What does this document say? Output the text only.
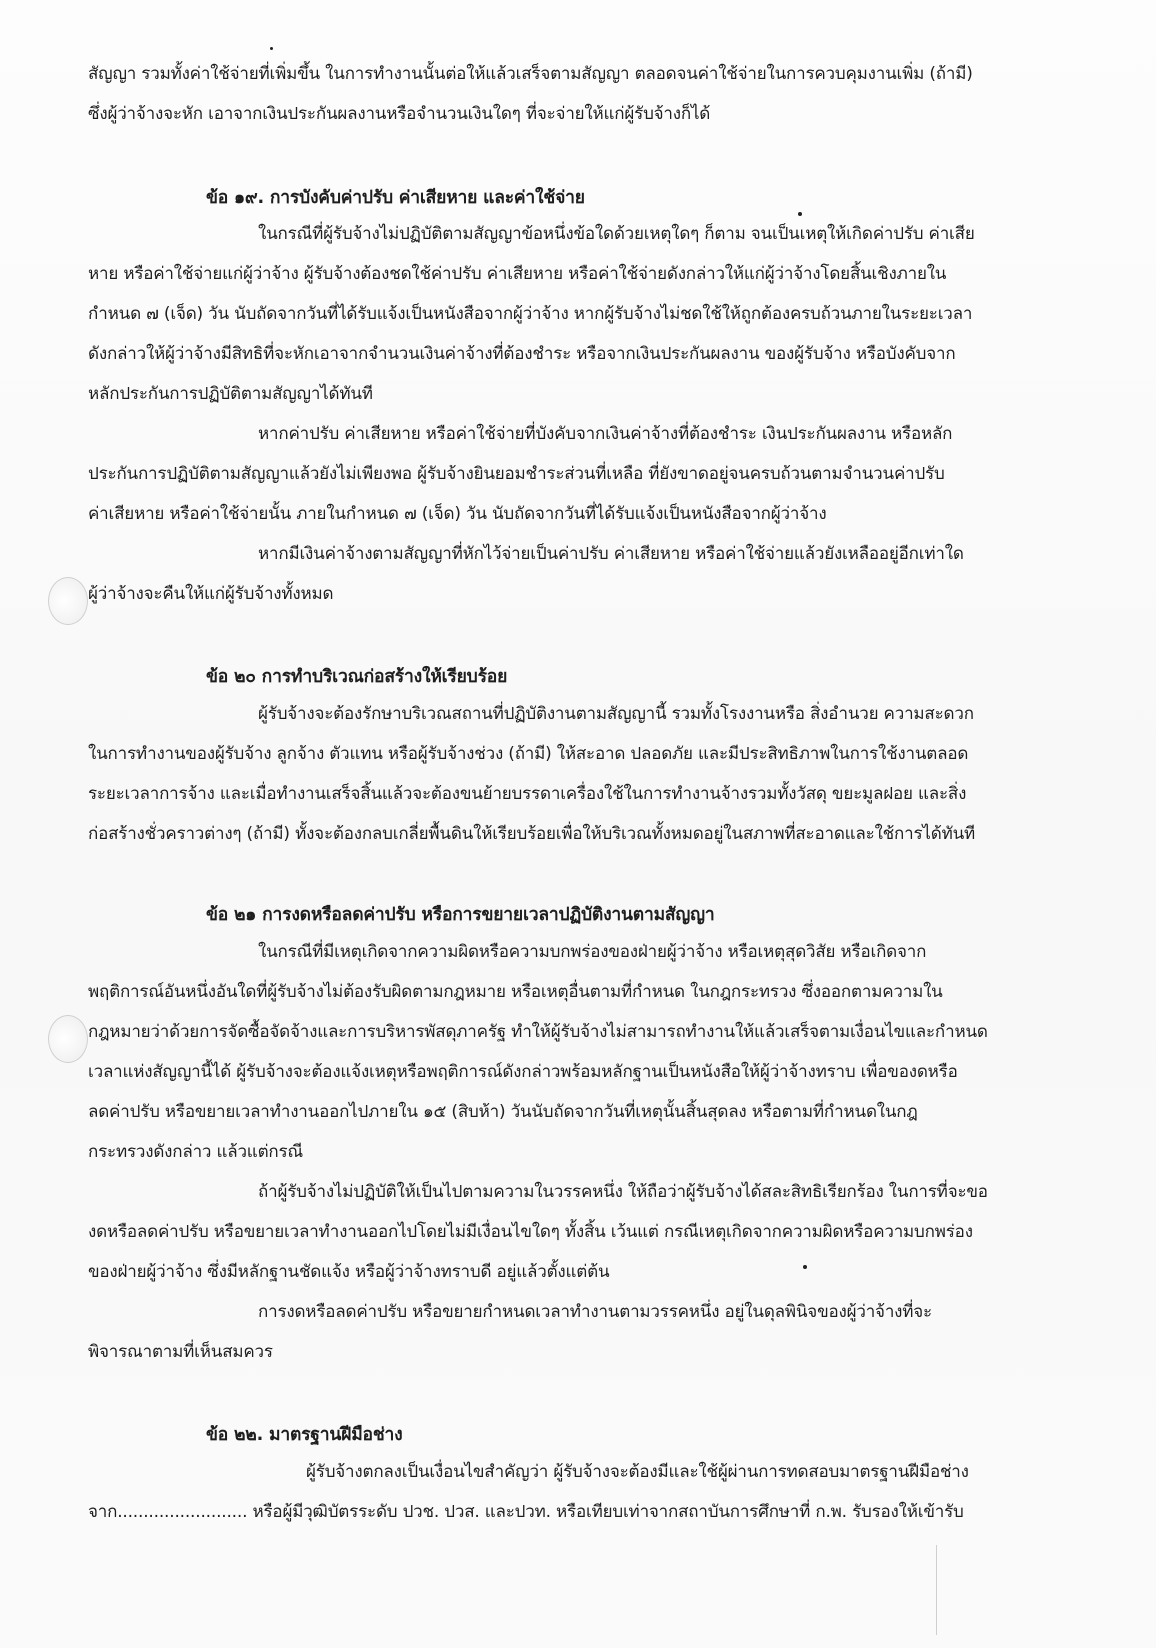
สัญญา รวมทั้งค่าใช้จ่ายที่เพิ่มขึ้น ในการทำงานนั้นต่อให้แล้วเสร็จตามสัญญา ตลอดจนค่าใช้จ่ายในการควบคุมงานเพิ่ม (ถ้ามี)
ซึ่งผู้ว่าจ้างจะหัก เอาจากเงินประกันผลงานหรือจำนวนเงินใดๆ ที่จะจ่ายให้แก่ผู้รับจ้างก็ได้
ข้อ ๑๙. การบังคับค่าปรับ ค่าเสียหาย และค่าใช้จ่าย
ในกรณีที่ผู้รับจ้างไม่ปฏิบัติตามสัญญาข้อหนึ่งข้อใดด้วยเหตุใดๆ ก็ตาม จนเป็นเหตุให้เกิดค่าปรับ ค่าเสีย
หาย หรือค่าใช้จ่ายแก่ผู้ว่าจ้าง ผู้รับจ้างต้องชดใช้ค่าปรับ ค่าเสียหาย หรือค่าใช้จ่ายดังกล่าวให้แก่ผู้ว่าจ้างโดยสิ้นเชิงภายใน
กำหนด ๗ (เจ็ด) วัน นับถัดจากวันที่ได้รับแจ้งเป็นหนังสือจากผู้ว่าจ้าง หากผู้รับจ้างไม่ชดใช้ให้ถูกต้องครบถ้วนภายในระยะเวลา
ดังกล่าวให้ผู้ว่าจ้างมีสิทธิที่จะหักเอาจากจำนวนเงินค่าจ้างที่ต้องชำระ หรือจากเงินประกันผลงาน ของผู้รับจ้าง หรือบังคับจาก
หลักประกันการปฏิบัติตามสัญญาได้ทันที
หากค่าปรับ ค่าเสียหาย หรือค่าใช้จ่ายที่บังคับจากเงินค่าจ้างที่ต้องชำระ เงินประกันผลงาน หรือหลัก
ประกันการปฏิบัติตามสัญญาแล้วยังไม่เพียงพอ ผู้รับจ้างยินยอมชำระส่วนที่เหลือ ที่ยังขาดอยู่จนครบถ้วนตามจำนวนค่าปรับ
ค่าเสียหาย หรือค่าใช้จ่ายนั้น ภายในกำหนด ๗ (เจ็ด) วัน นับถัดจากวันที่ได้รับแจ้งเป็นหนังสือจากผู้ว่าจ้าง
หากมีเงินค่าจ้างตามสัญญาที่หักไว้จ่ายเป็นค่าปรับ ค่าเสียหาย หรือค่าใช้จ่ายแล้วยังเหลืออยู่อีกเท่าใด
ผู้ว่าจ้างจะคืนให้แก่ผู้รับจ้างทั้งหมด
ข้อ ๒๐ การทำบริเวณก่อสร้างให้เรียบร้อย
ผู้รับจ้างจะต้องรักษาบริเวณสถานที่ปฏิบัติงานตามสัญญานี้ รวมทั้งโรงงานหรือ สิ่งอำนวย ความสะดวก
ในการทำงานของผู้รับจ้าง ลูกจ้าง ตัวแทน หรือผู้รับจ้างช่วง (ถ้ามี) ให้สะอาด ปลอดภัย และมีประสิทธิภาพในการใช้งานตลอด
ระยะเวลาการจ้าง และเมื่อทำงานเสร็จสิ้นแล้วจะต้องขนย้ายบรรดาเครื่องใช้ในการทำงานจ้างรวมทั้งวัสดุ ขยะมูลฝอย และสิ่ง
ก่อสร้างชั่วคราวต่างๆ (ถ้ามี) ทั้งจะต้องกลบเกลี่ยพื้นดินให้เรียบร้อยเพื่อให้บริเวณทั้งหมดอยู่ในสภาพที่สะอาดและใช้การได้ทันที
ข้อ ๒๑ การงดหรือลดค่าปรับ หรือการขยายเวลาปฏิบัติงานตามสัญญา
ในกรณีที่มีเหตุเกิดจากความผิดหรือความบกพร่องของฝ่ายผู้ว่าจ้าง หรือเหตุสุดวิสัย หรือเกิดจาก
พฤติการณ์อันหนึ่งอันใดที่ผู้รับจ้างไม่ต้องรับผิดตามกฎหมาย หรือเหตุอื่นตามที่กำหนด ในกฎกระทรวง ซึ่งออกตามความใน
กฎหมายว่าด้วยการจัดซื้อจัดจ้างและการบริหารพัสดุภาครัฐ ทำให้ผู้รับจ้างไม่สามารถทำงานให้แล้วเสร็จตามเงื่อนไขและกำหนด
เวลาแห่งสัญญานี้ได้ ผู้รับจ้างจะต้องแจ้งเหตุหรือพฤติการณ์ดังกล่าวพร้อมหลักฐานเป็นหนังสือให้ผู้ว่าจ้างทราบ เพื่อของดหรือ
ลดค่าปรับ หรือขยายเวลาทำงานออกไปภายใน ๑๕ (สิบห้า) วันนับถัดจากวันที่เหตุนั้นสิ้นสุดลง หรือตามที่กำหนดในกฎ
กระทรวงดังกล่าว แล้วแต่กรณี
ถ้าผู้รับจ้างไม่ปฏิบัติให้เป็นไปตามความในวรรคหนึ่ง ให้ถือว่าผู้รับจ้างได้สละสิทธิเรียกร้อง ในการที่จะขอ
งดหรือลดค่าปรับ หรือขยายเวลาทำงานออกไปโดยไม่มีเงื่อนไขใดๆ ทั้งสิ้น เว้นแต่ กรณีเหตุเกิดจากความผิดหรือความบกพร่อง
ของฝ่ายผู้ว่าจ้าง ซึ่งมีหลักฐานชัดแจ้ง หรือผู้ว่าจ้างทราบดี อยู่แล้วตั้งแต่ต้น
การงดหรือลดค่าปรับ หรือขยายกำหนดเวลาทำงานตามวรรคหนึ่ง อยู่ในดุลพินิจของผู้ว่าจ้างที่จะ
พิจารณาตามที่เห็นสมควร
ข้อ ๒๒. มาตรฐานฝีมือช่าง
ผู้รับจ้างตกลงเป็นเงื่อนไขสำคัญว่า ผู้รับจ้างจะต้องมีและใช้ผู้ผ่านการทดสอบมาตรฐานฝีมือช่าง
จาก......................... หรือผู้มีวุฒิบัตรระดับ ปวช. ปวส. และปวท. หรือเทียบเท่าจากสถาบันการศึกษาที่ ก.พ. รับรองให้เข้ารับ
